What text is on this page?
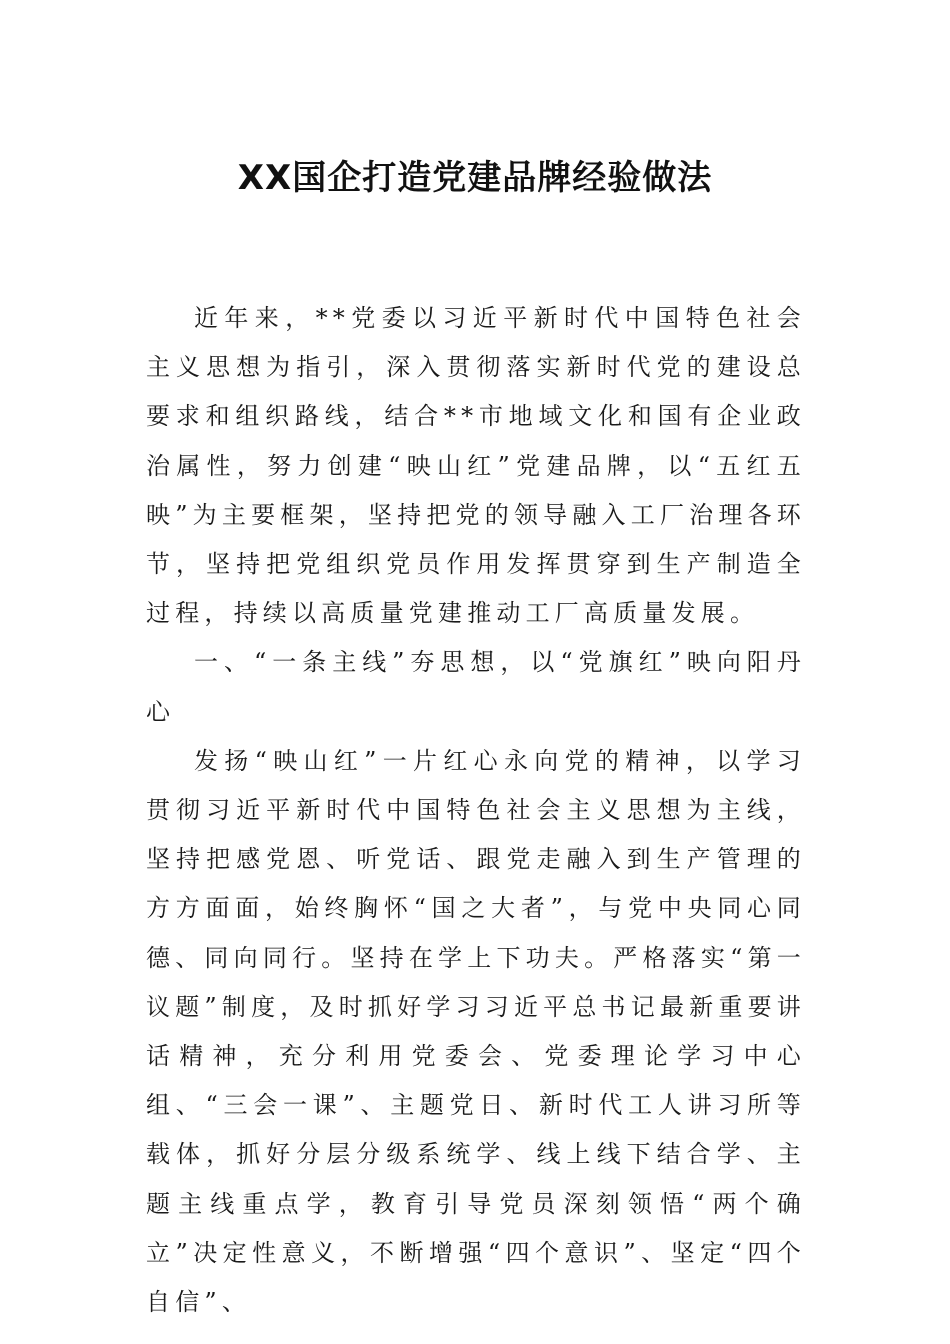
XX国企打造党建品牌经验做法

近年来，**党委以习近平新时代中国特色社会主义思想为指引，深入贯彻落实新时代党的建设总要求和组织路线，结合**市地域文化和国有企业政治属性，努力创建“映山红”党建品牌，以“五红五映”为主要框架，坚持把党的领导融入工厂治理各环节，坚持把党组织党员作用发挥贯穿到生产制造全过程，持续以高质量党建推动工厂高质量发展。

一、“一条主线”夯思想，以“党旗红”映向阳丹心

发扬“映山红”一片红心永向党的精神，以学习贯彻习近平新时代中国特色社会主义思想为主线，坚持把感党恩、听党话、跟党走融入到生产管理的方方面面，始终胸怀“国之大者”，与党中央同心同德、同向同行。坚持在学上下功夫。严格落实“第一议题”制度，及时抓好学习习近平总书记最新重要讲话精神，充分利用党委会、党委理论学习中心组、“三会一课”、主题党日、新时代工人讲习所等载体，抓好分层分级系统学、线上线下结合学、主题主线重点学，教育引导党员深刻领悟“两个确立”决定性意义，不断增强“四个意识”、坚定“四个自信”、
